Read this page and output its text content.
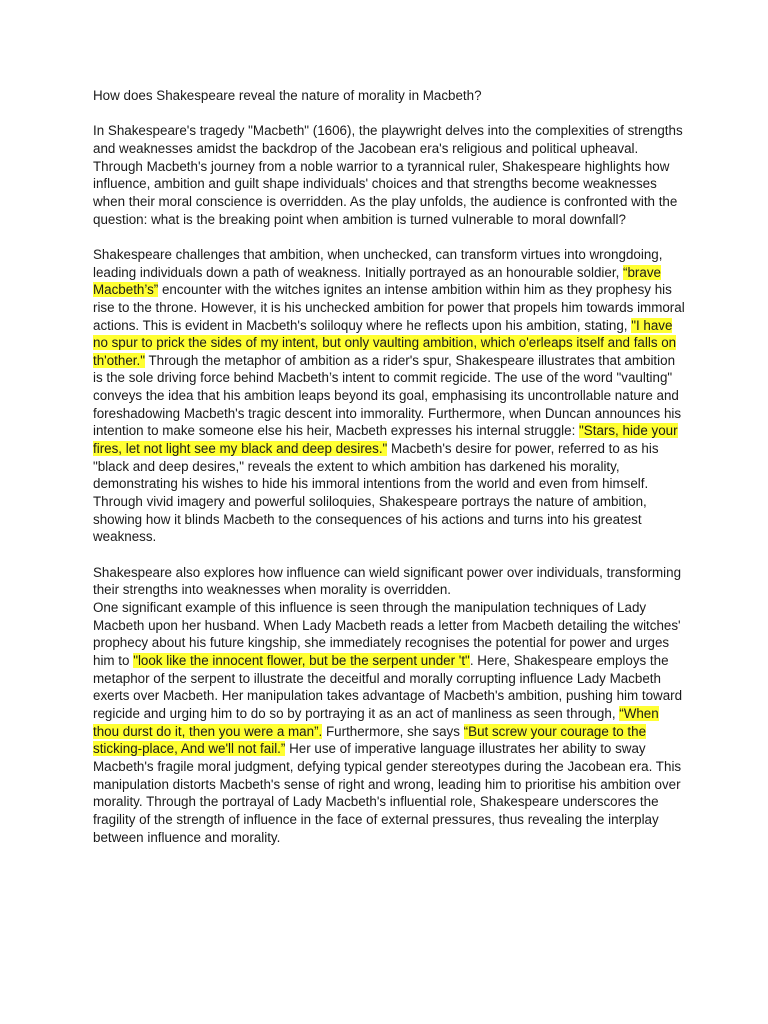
How does Shakespeare reveal the nature of morality in Macbeth?

In Shakespeare's tragedy "Macbeth" (1606), the playwright delves into the complexities of strengths and weaknesses amidst the backdrop of the Jacobean era's religious and political upheaval. Through Macbeth's journey from a noble warrior to a tyrannical ruler, Shakespeare highlights how influence, ambition and guilt shape individuals' choices and that strengths become weaknesses when their moral conscience is overridden. As the play unfolds, the audience is confronted with the question: what is the breaking point when ambition is turned vulnerable to moral downfall?

Shakespeare challenges that ambition, when unchecked, can transform virtues into wrongdoing, leading individuals down a path of weakness. Initially portrayed as an honourable soldier, “brave Macbeth’s” encounter with the witches ignites an intense ambition within him as they prophesy his rise to the throne. However, it is his unchecked ambition for power that propels him towards immoral actions. This is evident in Macbeth's soliloquy where he reflects upon his ambition, stating, "I have no spur to prick the sides of my intent, but only vaulting ambition, which o'erleaps itself and falls on th'other." Through the metaphor of ambition as a rider's spur, Shakespeare illustrates that ambition is the sole driving force behind Macbeth’s intent to commit regicide. The use of the word "vaulting" conveys the idea that his ambition leaps beyond its goal, emphasising its uncontrollable nature and foreshadowing Macbeth's tragic descent into immorality. Furthermore, when Duncan announces his intention to make someone else his heir, Macbeth expresses his internal struggle: "Stars, hide your fires, let not light see my black and deep desires." Macbeth's desire for power, referred to as his "black and deep desires," reveals the extent to which ambition has darkened his morality, demonstrating his wishes to hide his immoral intentions from the world and even from himself. Through vivid imagery and powerful soliloquies, Shakespeare portrays the nature of ambition, showing how it blinds Macbeth to the consequences of his actions and turns into his greatest weakness.

Shakespeare also explores how influence can wield significant power over individuals, transforming their strengths into weaknesses when morality is overridden.

One significant example of this influence is seen through the manipulation techniques of Lady Macbeth upon her husband. When Lady Macbeth reads a letter from Macbeth detailing the witches' prophecy about his future kingship, she immediately recognises the potential for power and urges him to "look like the innocent flower, but be the serpent under 't". Here, Shakespeare employs the metaphor of the serpent to illustrate the deceitful and morally corrupting influence Lady Macbeth exerts over Macbeth. Her manipulation takes advantage of Macbeth's ambition, pushing him toward regicide and urging him to do so by portraying it as an act of manliness as seen through, “When thou durst do it, then you were a man”. Furthermore, she says “But screw your courage to the sticking-place, And we'll not fail.” Her use of imperative language illustrates her ability to sway Macbeth's fragile moral judgment, defying typical gender stereotypes during the Jacobean era. This manipulation distorts Macbeth's sense of right and wrong, leading him to prioritise his ambition over morality. Through the portrayal of Lady Macbeth's influential role, Shakespeare underscores the fragility of the strength of influence in the face of external pressures, thus revealing the interplay between influence and morality.
